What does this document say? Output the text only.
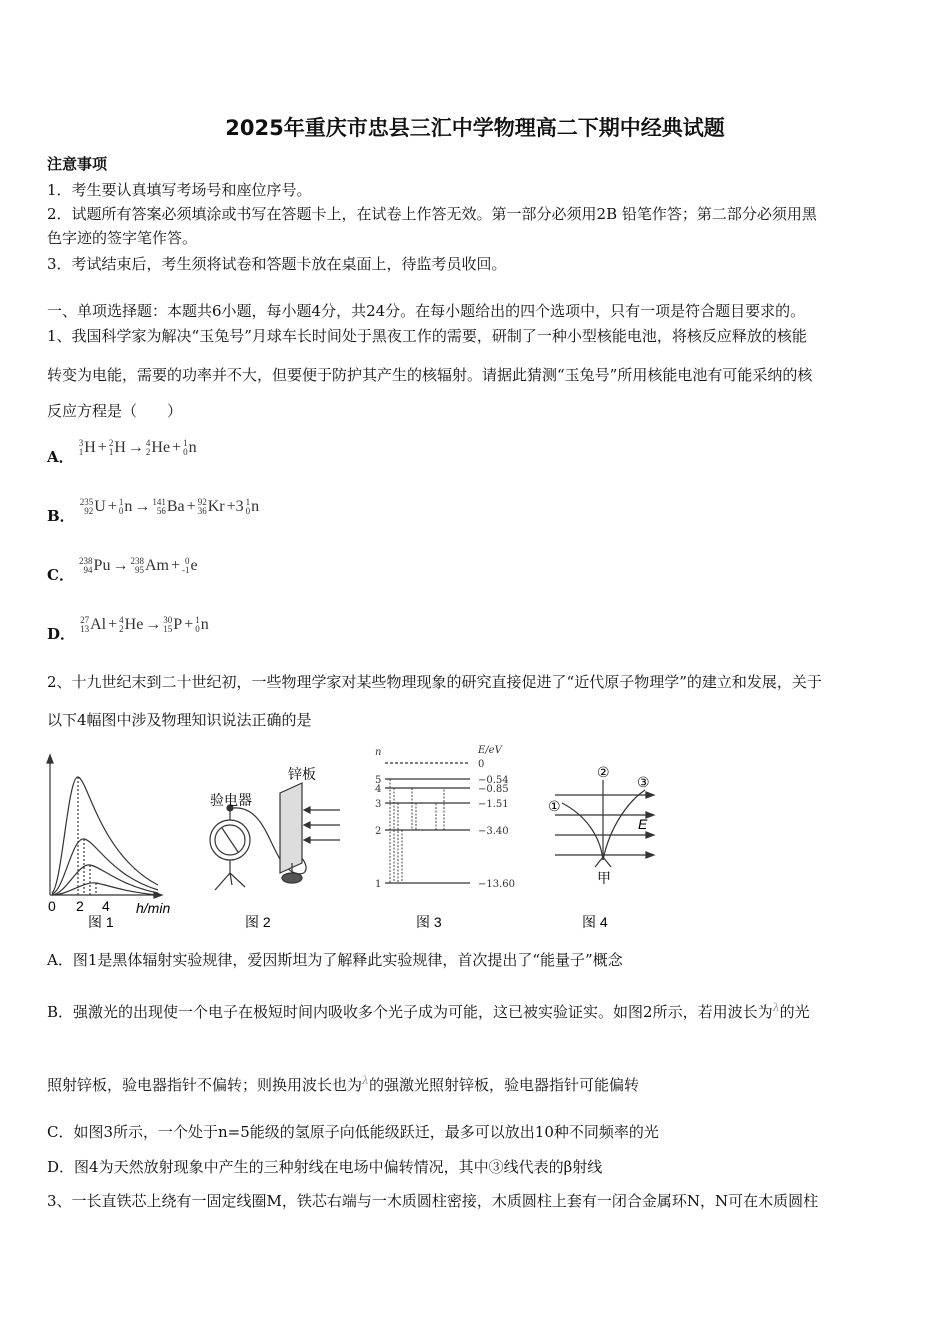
2025年重庆市忠县三汇中学物理高二下期中经典试题
注意事项
1．考生要认真填写考场号和座位序号。
2．试题所有答案必须填涂或书写在答题卡上，在试卷上作答无效。第一部分必须用2B 铅笔作答；第二部分必须用黑
色字迹的签字笔作答。
3．考试结束后，考生须将试卷和答题卡放在桌面上，待监考员收回。
一、单项选择题：本题共6小题，每小题4分，共24分。在每小题给出的四个选项中，只有一项是符合题目要求的。
1、我国科学家为解决“玉兔号”月球车长时间处于黑夜工作的需要，研制了一种小型核能电池，将核反应释放的核能
转变为电能，需要的功率并不大，但要便于防护其产生的核辐射。请据此猜测“玉兔号”所用核能电池有可能采纳的核
反应方程是（　　）
A．
3
1 H + 2
1 H → 4
2 He + 1
0 n
B．
235
92 U + 1
0 n → 141
56 Ba + 92
36 Kr +3 1
0 n
C．
238
94 Pu → 238
95 Am + 0
-1 e
D．
27
13 Al + 4
2 He → 30
15 P + 1
0 n
2、十九世纪末到二十世纪初，一些物理学家对某些物理现象的研究直接促进了“近代原子物理学”的建立和发展，关于
以下4幅图中涉及物理知识说法正确的是
0 2 4 h/min
验电器
锌板
n	E/eV
0
5	−0.54
4	−0.85
3	−1.51
2	−3.40
1	−13.60
①
②
③
E
甲
图 1	图 2	图 3	图 4
A．图1是黑体辐射实验规律，爱因斯坦为了解释此实验规律，首次提出了“能量子”概念
B．强激光的出现使一个电子在极短时间内吸收多个光子成为可能，这已被实验证实。如图2所示，若用波长为$^\lambda$的光
照射锌板，验电器指针不偏转；则换用波长也为$^\lambda$的强激光照射锌板，验电器指针可能偏转
C．如图3所示，一个处于n=5能级的氢原子向低能级跃迁，最多可以放出10种不同频率的光
D．图4为天然放射现象中产生的三种射线在电场中偏转情况，其中③线代表的β射线
3、一长直铁芯上绕有一固定线圈M，铁芯右端与一木质圆柱密接，木质圆柱上套有一闭合金属环N，N可在木质圆柱
